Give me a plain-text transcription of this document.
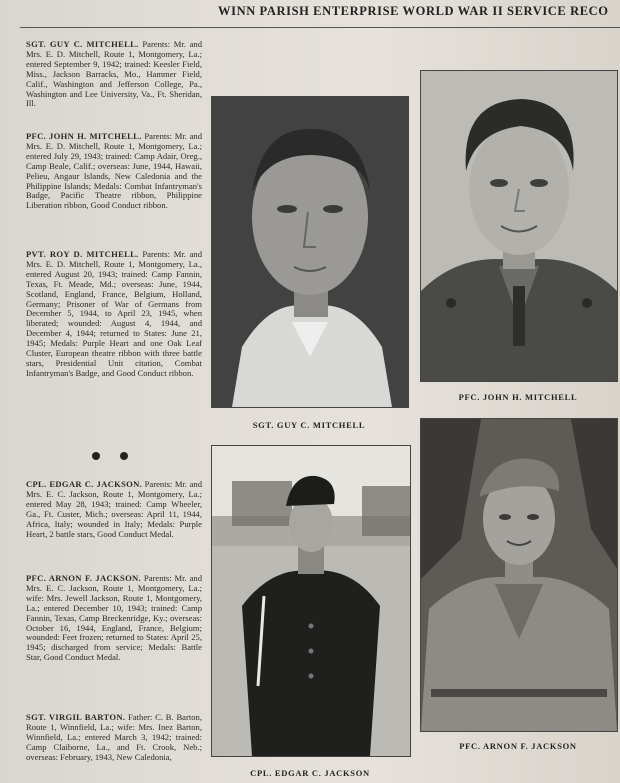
WINN PARISH ENTERPRISE WORLD WAR II SERVICE RECO

SGT. GUY C. MITCHELL. Parents: Mr. and Mrs. E. D. Mitchell, Route 1, Montgomery, La.; entered September 9, 1942; trained: Keesler Field, Miss., Jackson Barracks, Mo., Hammer Field, Calif., Washington and Jefferson College, Pa., Washington and Lee University, Va., Ft. Sheridan, Ill.

PFC. JOHN H. MITCHELL. Parents: Mr. and Mrs. E. D. Mitchell, Route 1, Montgomery, La.; entered July 29, 1943; trained: Camp Adair, Oreg., Camp Beale, Calif.; overseas: June, 1944, Hawaii, Pelieu, Angaur Islands, New Caledonia and the Philippine Islands; Medals: Combat Infantryman's Badge, Pacific Theatre ribbon, Philippine Liberation ribbon, Good Conduct ribbon.

PVT. ROY D. MITCHELL. Parents: Mr. and Mrs. E. D. Mitchell, Route 1, Montgomery, La., entered August 20, 1943; trained: Camp Fannin, Texas, Ft. Meade, Md.; overseas: June, 1944, Scotland, England, France, Belgium, Holland, Germany; Prisoner of War of Germans from December 5, 1944, to April 23, 1945, when liberated; wounded: August 4, 1944, and December 4, 1944; returned to States: June 21, 1945; Medals: Purple Heart and one Oak Leaf Cluster, European theatre ribbon with three battle stars, Presidential Unit citation, Combat Infantryman's Badge, and Good Conduct ribbon.

CPL. EDGAR C. JACKSON. Parents: Mr. and Mrs. E. C. Jackson, Route 1, Montgomery, La.; entered May 28, 1943; trained: Camp Wheeler, Ga., Ft. Custer, Mich.; overseas: April 11, 1944, Africa, Italy; wounded in Italy; Medals: Purple Heart, 2 battle stars, Good Conduct Medal.

PFC. ARNON F. JACKSON. Parents: Mr. and Mrs. E. C. Jackson, Route 1, Montgomery, La.; wife: Mrs. Jewell Jackson, Route 1, Montgomery, La.; entered December 10, 1943; trained: Camp Fannin, Texas, Camp Breckenridge, Ky.; overseas: October 16, 1944, England, France, Belgium; wounded: Feet frozen; returned to States: April 25, 1945; discharged from service; Medals: Battle Star, Good Conduct Medal.

SGT. VIRGIL BARTON. Father: C. B. Barton, Route 1, Winnfield, La.; wife: Mrs. Inez Barton, Winnfield, La.; entered March 3, 1942; trained: Camp Claiborne, La., and Ft. Crook, Neb.; overseas: February, 1943, New Caledonia,

SGT. GUY C. MITCHELL
PFC. JOHN H. MITCHELL
CPL. EDGAR C. JACKSON
PFC. ARNON F. JACKSON
